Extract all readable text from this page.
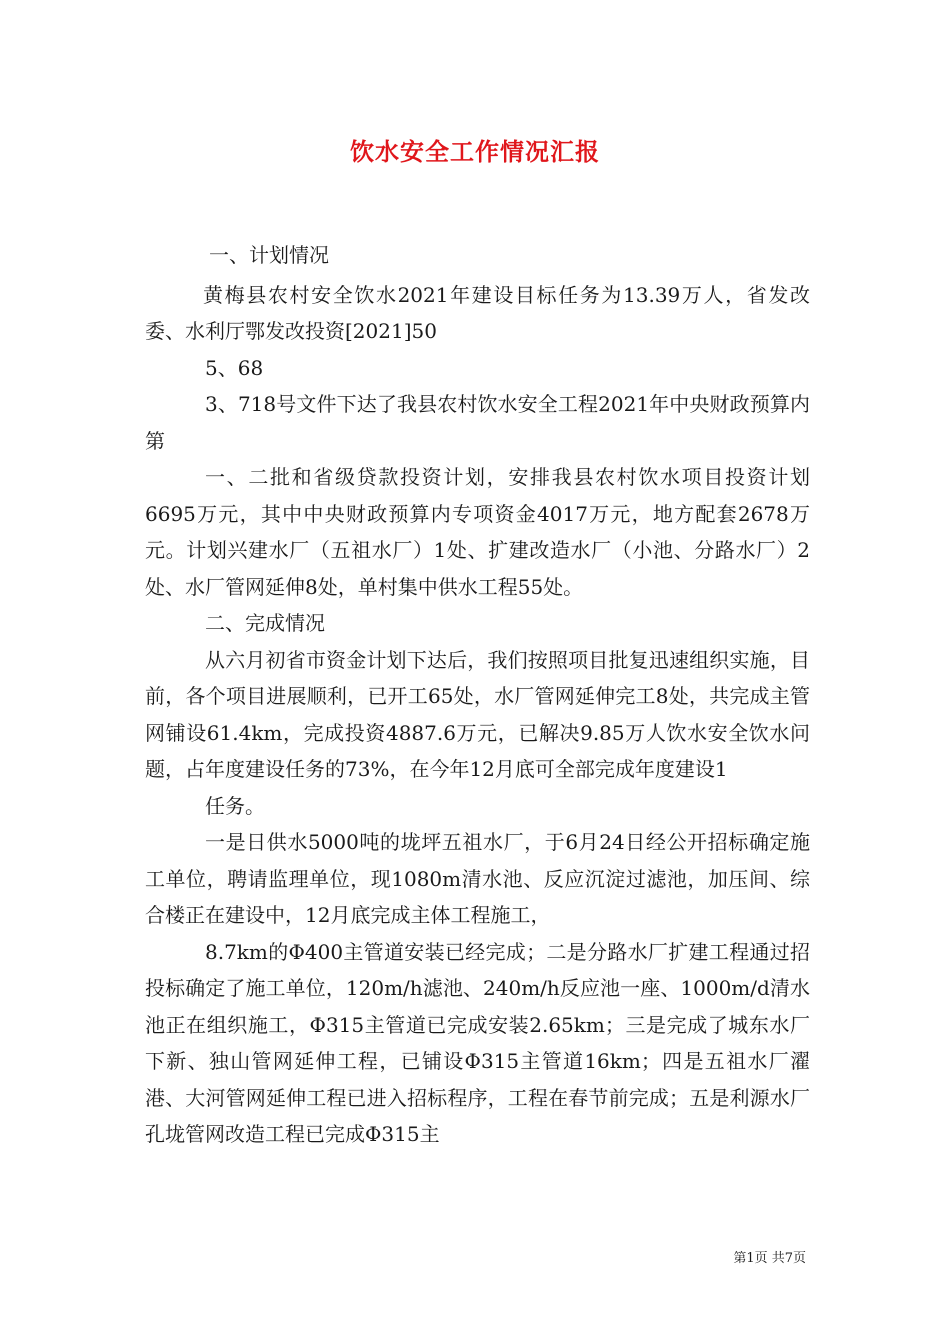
饮水安全工作情况汇报

一、计划情况

黄梅县农村安全饮水2021年建设目标任务为13.39万人，省发改委、水利厅鄂发改投资[2021]50

5、68

3、718号文件下达了我县农村饮水安全工程2021年中央财政预算内第

一、二批和省级贷款投资计划，安排我县农村饮水项目投资计划6695万元，其中中央财政预算内专项资金4017万元，地方配套2678万元。计划兴建水厂（五祖水厂）1处、扩建改造水厂（小池、分路水厂）2处、水厂管网延伸8处，单村集中供水工程55处。

二、完成情况

从六月初省市资金计划下达后，我们按照项目批复迅速组织实施，目前，各个项目进展顺利，已开工65处，水厂管网延伸完工8处，共完成主管网铺设61.4km，完成投资4887.6万元，已解决9.85万人饮水安全饮水问题，占年度建设任务的73%，在今年12月底可全部完成年度建设1

任务。

一是日供水5000吨的垅坪五祖水厂，于6月24日经公开招标确定施工单位，聘请监理单位，现1080m清水池、反应沉淀过滤池，加压间、综合楼正在建设中，12月底完成主体工程施工，

8.7km的Φ400主管道安装已经完成；二是分路水厂扩建工程通过招投标确定了施工单位，120m/h滤池、240m/h反应池一座、1000m/d清水池正在组织施工，Φ315主管道已完成安装2.65km；三是完成了城东水厂下新、独山管网延伸工程，已铺设Φ315主管道16km；四是五祖水厂濯港、大河管网延伸工程已进入招标程序，工程在春节前完成；五是利源水厂孔垅管网改造工程已完成Φ315主

第1页 共7页
